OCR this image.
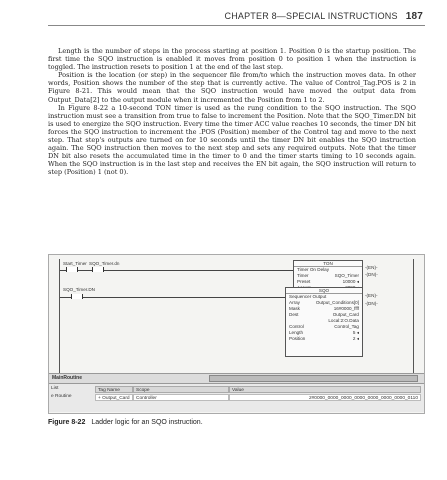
CHAPTER 8—SPECIAL INSTRUCTIONS 187

Length is the number of steps in the process starting at position 1. Position 0 is the startup position. The first time the SQO instruction is enabled it moves from position 0 to position 1 when the instruction is toggled. The instruction resets to position 1 at the end of the last step.

Position is the location (or step) in the sequencer file from/to which the instruction moves data. In other words, Position shows the number of the step that is currently active. The value of Control_Tag.POS is 2 in Figure 8-21. This would mean that the SQO instruction would have moved the output data from Output_Data[2] to the output module when it incremented the Position from 1 to 2.

In Figure 8-22 a 10-second TON timer is used as the rung condition to the SQO instruction. The SQO instruction must see a transition from true to false to increment the Position. Note that the SQO_Timer.DN bit is used to energize the SQO instruction. Every time the timer ACC value reaches 10 seconds, the timer DN bit forces the SQO instruction to increment the .POS (Position) member of the Control tag and move to the next step. That step's outputs are turned on for 10 seconds until the timer DN bit enables the SQO instruction again. The SQO instruction then moves to the next step and sets any required outputs. Note that the timer DN bit also resets the accumulated time in the timer to 0 and the timer starts timing to 10 seconds again. When the SQO instruction is in the last step and receives the EN bit again, the SQO instruction will return to step (Position) 1 (not 0).

Start_Timer SQO_Timer.dn	TON
Timer On Delay
Timer	SQO_Timer
Preset	10000 ◂
-(EN)-
-(DN)-
SQO_Timer.DN	SQO
Sequencer Output
Array	Output_Conditions[0]
Mask	16#0000_ffff
Dest	Output_Card
Local:2:O.Data
Control	Control_Tag
Length	5 ◂
Position	2 ◂
-(EN)-
-(DN)-
MainRoutine
List
e Routine
Tag Name	Scope	Value
+ Output_Card	Controller	2#0000_0000_0000_0000_0000_0000_0000_0110
Figure 8-22 Ladder logic for an SQO instruction.
